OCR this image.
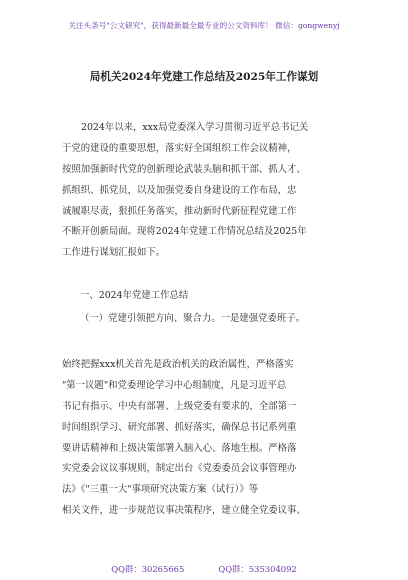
关注头条号"公文研究"，获得最新最全最专业的公文资料库！ 微信：gongwenyj
局机关2024年党建工作总结及2025年工作谋划
2024年以来，xxx局党委深入学习贯彻习近平总书记关
于党的建设的重要思想，落实好全国组织工作会议精神，
按照加强新时代党的创新理论武装头脑和抓干部、抓人才、
抓组织、抓党员，以及加强党委自身建设的工作布局，忠
诚履职尽责，狠抓任务落实，推动新时代新征程党建工作
不断开创新局面。现将2024年党建工作情况总结及2025年
工作进行谋划汇报如下。
一、2024年党建工作总结
（一）党建引领把方向、聚合力。一是建强党委班子。
始终把握xxx机关首先是政治机关的政治属性，严格落实
"第一议题"和党委理论学习中心组制度，凡是习近平总
书记有指示、中央有部署、上级党委有要求的，全部第一
时间组织学习、研究部署、抓好落实，确保总书记系列重
要讲话精神和上级决策部署入脑入心、落地生根。严格落
实党委会议议事规则，制定出台《党委委员会议事管理办
法》《"三重一大"事项研究决策方案（试行）》等
相关文件，进一步规范议事决策程序，建立健全党委议事、
QQ群：30265665	QQ群：535304092
